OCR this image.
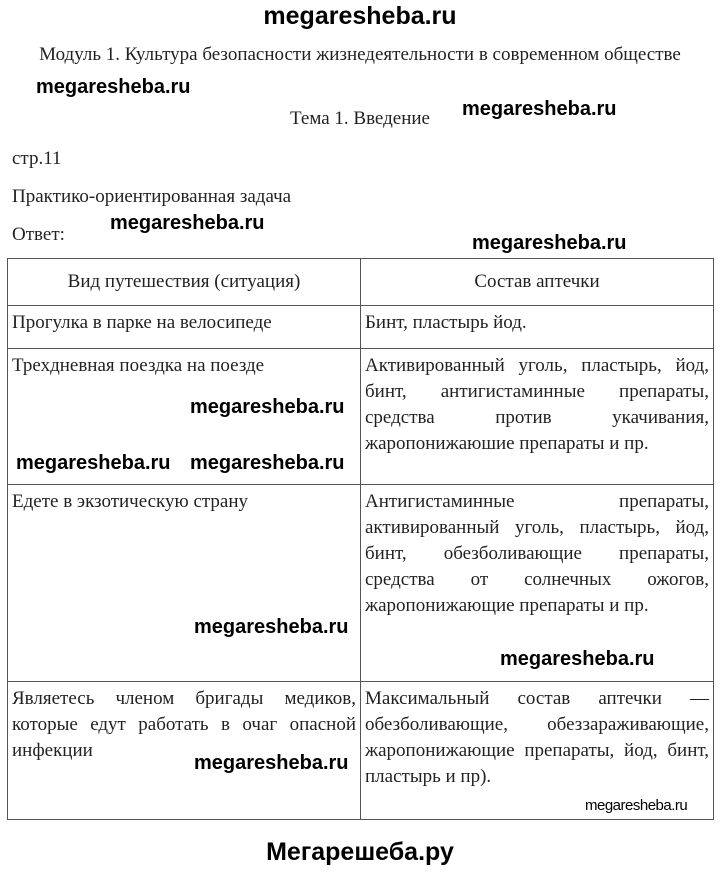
megaresheba.ru
Модуль 1. Культура безопасности жизнедеятельности в современном обществе
Тема 1. Введение
стр.11
Практико-ориентированная задача
Ответ:
Вид путешествия (ситуация)	Состав аптечки
Прогулка в парке на велосипеде	Бинт, пластырь йод.
Трехдневная поездка на поезде	Активированный уголь, пластырь, йод, бинт, антигистаминные препараты, средства против укачивания, жаропонижаюшие препараты и пр.
Едете в экзотическую страну	Антигистаминные препараты, активированный уголь, пластырь, йод, бинт, обезболивающие препараты, средства от солнечных ожогов, жаропонижающие препараты и пр.
Являетесь членом бригады медиков, которые едут работать в очаг опасной инфекции	Максимальный состав аптечки — обезболивающие, обеззараживающие, жаропонижающие препараты, йод, бинт, пластырь и пр).
megaresheba.ru
megaresheba.ru
megaresheba.ru
megaresheba.ru
megaresheba.ru
megaresheba.ru megaresheba.ru
megaresheba.ru
megaresheba.ru
megaresheba.ru
megaresheba.ru
Мегарешеба.ру
